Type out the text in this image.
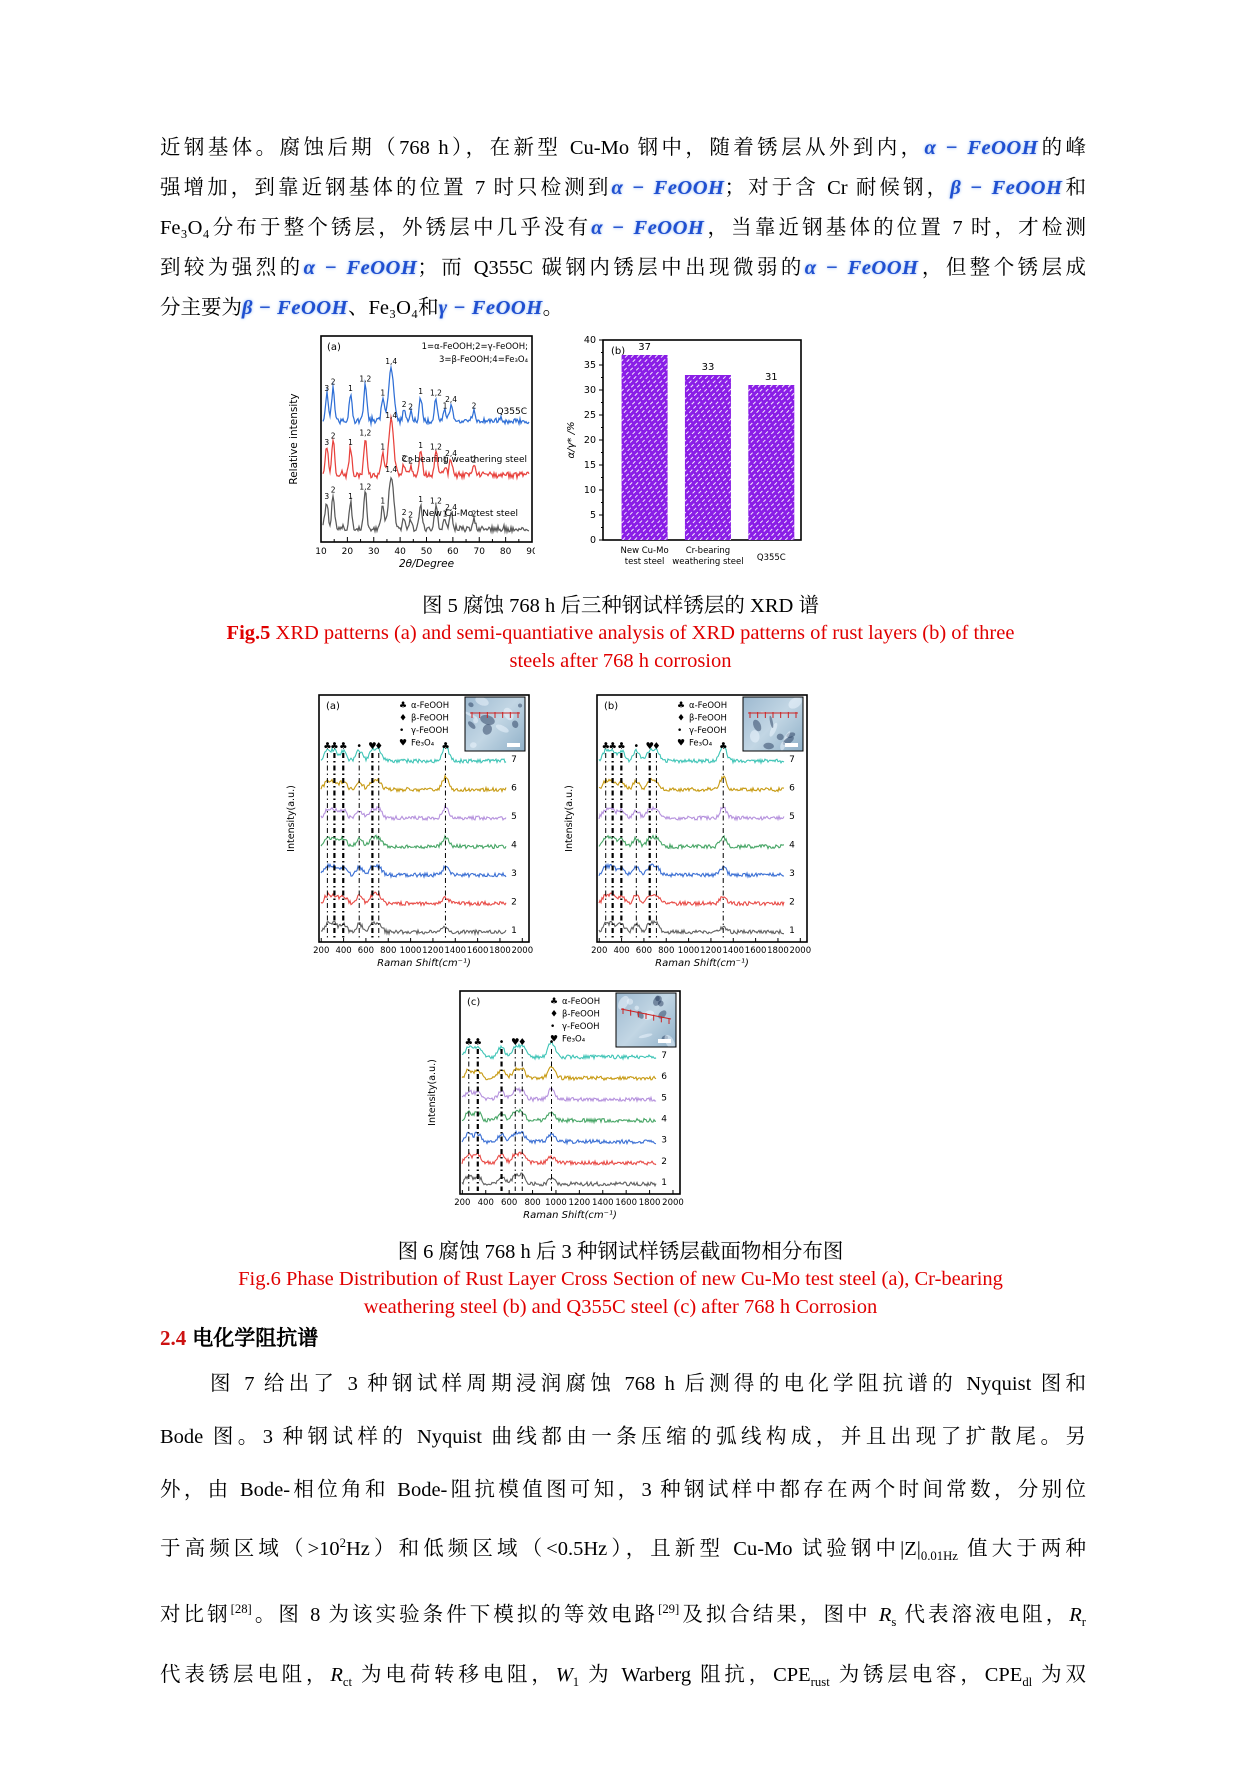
近钢基体。腐蚀后期（768 h），在新型 Cu-Mo 钢中，随着锈层从外到内，α − FeOOH的峰
强增加，到靠近钢基体的位置 7 时只检测到α − FeOOH；对于含 Cr 耐候钢，β − FeOOH和
Fe₃O₄分布于整个锈层，外锈层中几乎没有α − FeOOH，当靠近钢基体的位置 7 时，才检测
到较为强烈的α − FeOOH；而 Q355C 碳钢内锈层中出现微弱的α − FeOOH，但整个锈层成
分主要为β − FeOOH、Fe₃O₄和γ − FeOOH。
图 5 腐蚀 768 h 后三种钢试样锈层的 XRD 谱
Fig.5 XRD patterns (a) and semi-quantiative analysis of XRD patterns of rust layers (b) of three
steels after 768 h corrosion
图 6 腐蚀 768 h 后 3 种钢试样锈层截面物相分布图
Fig.6 Phase Distribution of Rust Layer Cross Section of new Cu-Mo test steel (a), Cr-bearing
weathering steel (b) and Q355C steel (c) after 768 h Corrosion
2.4 电化学阻抗谱
图 7 给出了 3 种钢试样周期浸润腐蚀 768 h 后测得的电化学阻抗谱的 Nyquist 图和
Bode 图。3 种钢试样的 Nyquist 曲线都由一条压缩的弧线构成，并且出现了扩散尾。另
外，由 Bode-相位角和 Bode-阻抗模值图可知，3 种钢试样中都存在两个时间常数，分别位
于高频区域$(>10^2Hz)$和低频区域（<0.5Hz），且新型 Cu-Mo 试验钢中$|Z|_{0.01Hz}$ 值大于两种
对比钢[28]。图 8 为该实验条件下模拟的等效电路[29]及拟合结果，图中 $R_s$ 代表溶液电阻，$R_r$
代表锈层电阻，$R_{ct}$ 为电荷转移电阻，$W_1$ 为 Warberg 阻抗，$CPE_{rust}$ 为锈层电容，$CPE_{dl}$ 为双
